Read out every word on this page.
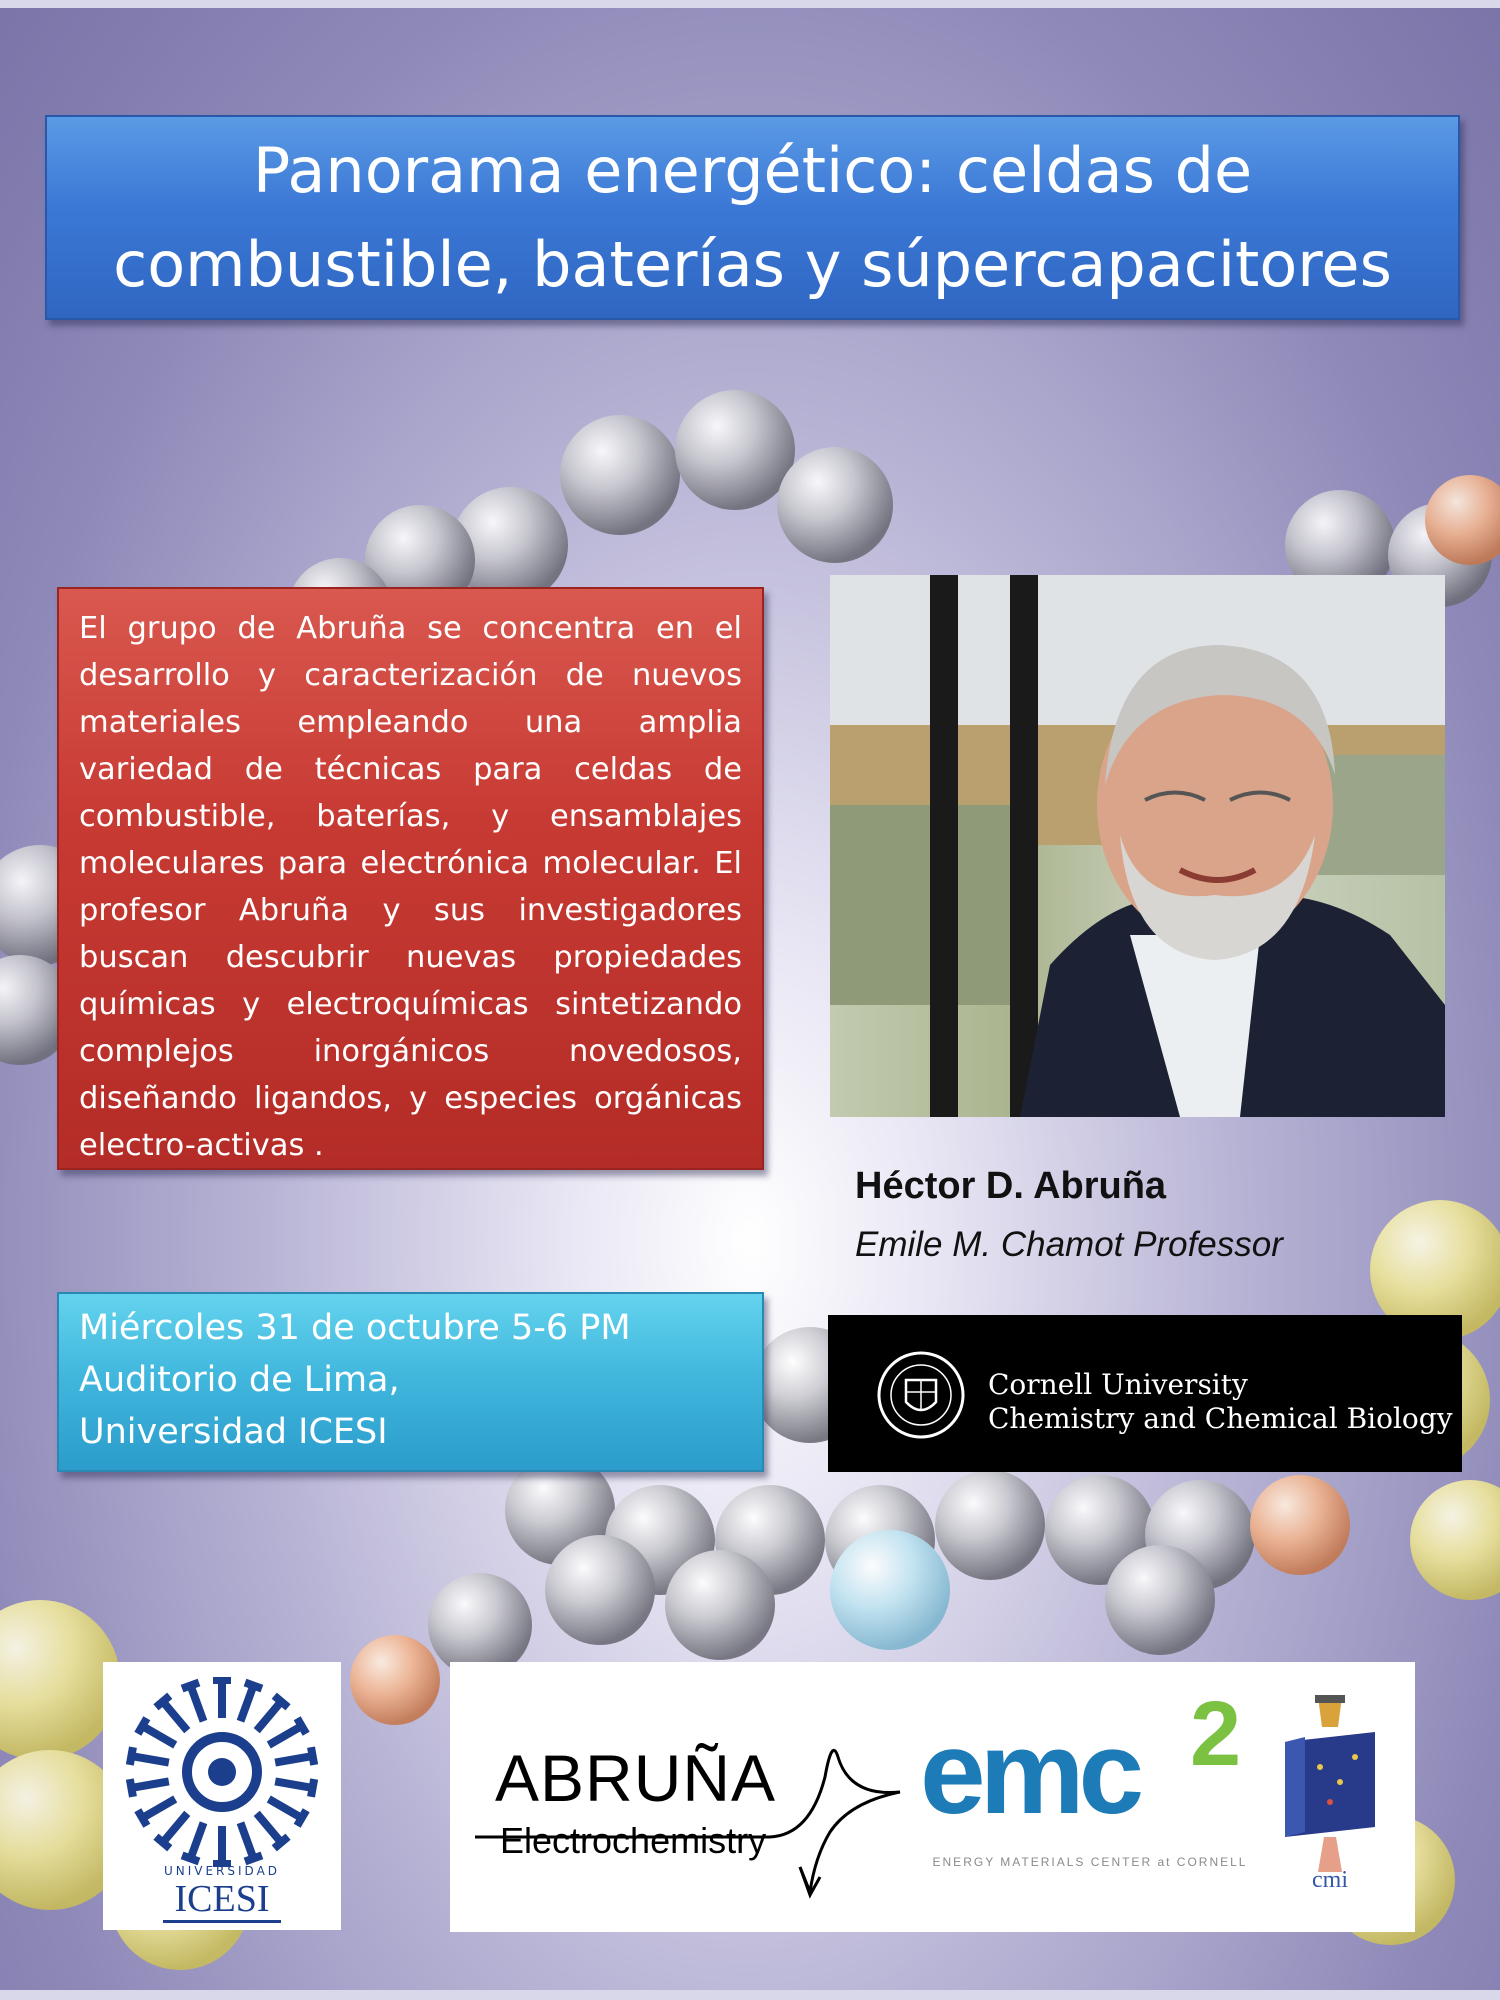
Panorama energético: celdas de
combustible, baterías y súpercapacitores
El grupo de Abruña se concentra en el desarrollo y caracterización de nuevos materiales empleando una amplia variedad de técnicas para celdas de combustible, baterías, y ensamblajes moleculares para electrónica molecular. El profesor Abruña y sus investigadores buscan descubrir nuevas propiedades químicas y electroquímicas sintetizando complejos inorgánicos novedosos, diseñando ligandos, y especies orgánicas electro-activas .
Héctor D. Abruña
Emile M. Chamot Professor
Miércoles 31 de octubre 5-6 PM
Auditorio de Lima,
Universidad ICESI
Cornell University
Chemistry and Chemical Biology
UNIVERSIDAD
ICESI
ABRUÑA
Electrochemistry
emc 2
ENERGY MATERIALS CENTER at CORNELL
cmi
